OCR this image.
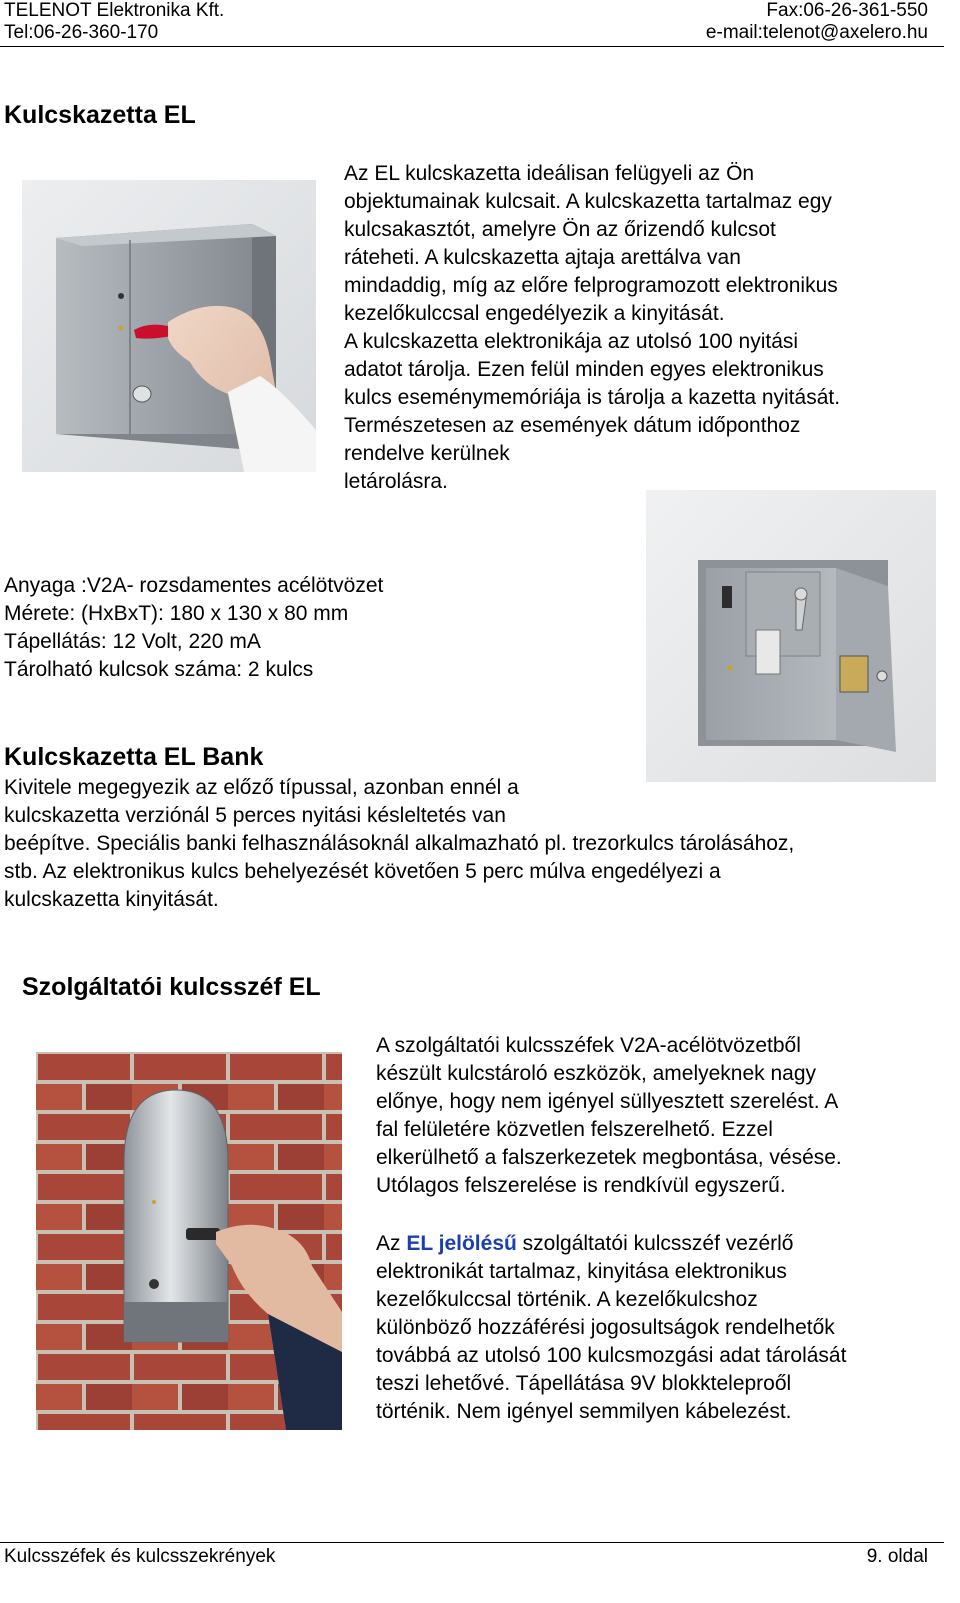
TELENOT Elektronika Kft.
Tel:06-26-360-170
Fax:06-26-361-550
e-mail:telenot@axelero.hu
Kulcskazetta EL
Az EL kulcskazetta ideálisan felügyeli az Ön
objektumainak kulcsait. A kulcskazetta tartalmaz egy
kulcsakasztót, amelyre Ön az őrizendő kulcsot
ráteheti. A kulcskazetta ajtaja arettálva van
mindaddig, míg az előre felprogramozott elektronikus
kezelőkulccsal engedélyezik a kinyitását.
A kulcskazetta elektronikája az utolsó 100 nyitási
adatot tárolja. Ezen felül minden egyes elektronikus
kulcs eseménymemóriája is tárolja a kazetta nyitását.
Természetesen az események dátum időponthoz
rendelve kerülnek
letárolásra.
Anyaga :V2A- rozsdamentes acélötvözet
Mérete: (HxBxT): 180 x 130 x 80 mm
Tápellátás: 12 Volt, 220 mA
Tárolható kulcsok száma: 2 kulcs
Kulcskazetta EL Bank
Kivitele megegyezik az előző típussal, azonban ennél a
kulcskazetta verziónál 5 perces nyitási késleltetés van
beépítve. Speciális banki felhasználásoknál alkalmazható pl. trezorkulcs tárolásához,
stb. Az elektronikus kulcs behelyezését követően 5 perc múlva engedélyezi a
kulcskazetta kinyitását.
Szolgáltatói kulcsszéf EL
A szolgáltatói kulcsszéfek V2A-acélötvözetből
készült kulcstároló eszközök, amelyeknek nagy
előnye, hogy nem igényel süllyesztett szerelést. A
fal felületére közvetlen felszerelhető. Ezzel
elkerülhető a falszerkezetek megbontása, vésése.
Utólagos felszerelése is rendkívül egyszerű.
Az EL jelölésű szolgáltatói kulcsszéf vezérlő
elektronikát tartalmaz, kinyitása elektronikus
kezelőkulccsal történik. A kezelőkulcshoz
különböző hozzáférési jogosultságok rendelhetők
továbbá az utolsó 100 kulcsmozgási adat tárolását
teszi lehetővé. Tápellátása 9V blokkteleproől
történik. Nem igényel semmilyen kábelezést.
Kulcsszéfek és kulcsszekrények	9. oldal
